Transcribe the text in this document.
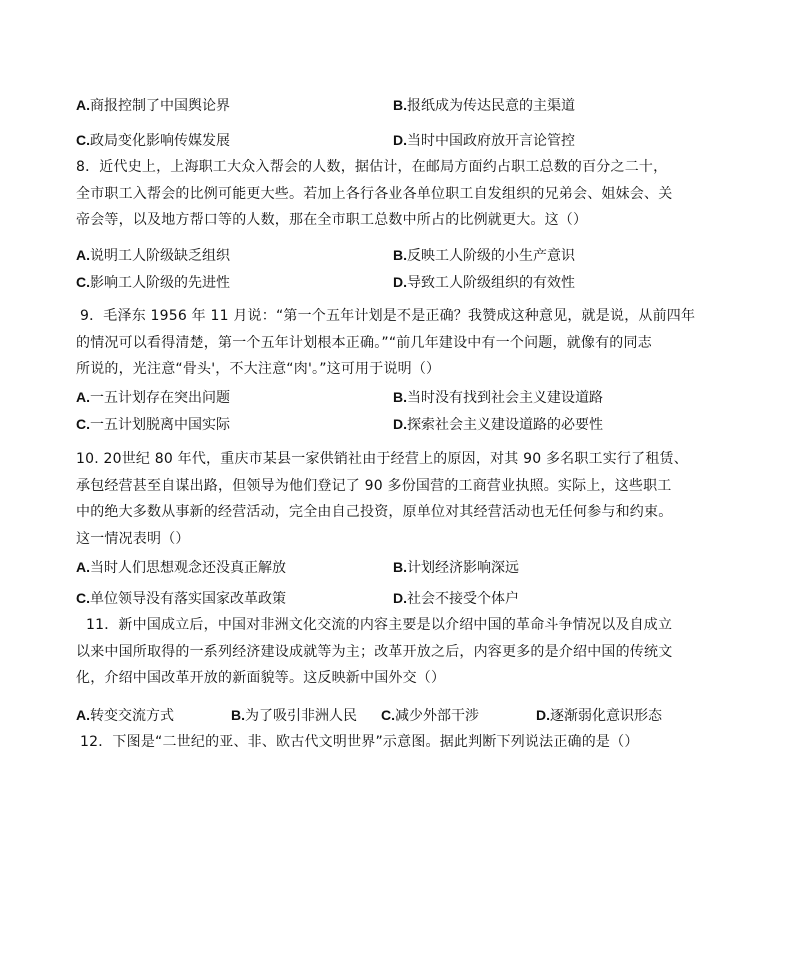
A.商报控制了中国舆论界	B.报纸成为传达民意的主渠道
C.政局变化影响传媒发展	D.当时中国政府放开言论管控
8．近代史上，上海职工大众入帮会的人数，据估计，在邮局方面约占职工总数的百分之二十，
全市职工入帮会的比例可能更大些。若加上各行各业各单位职工自发组织的兄弟会、姐妹会、关
帝会等，以及地方帮口等的人数，那在全市职工总数中所占的比例就更大。这（）
A.说明工人阶级缺乏组织	B.反映工人阶级的小生产意识
C.影响工人阶级的先进性	D.导致工人阶级组织的有效性
9．毛泽东 1956 年 11 月说：“第一个五年计划是不是正确？我赞成这种意见，就是说，从前四年
的情况可以看得清楚，第一个五年计划根本正确。”“前几年建设中有一个问题，就像有的同志
所说的，光注意“骨头'，不大注意“肉'。”这可用于说明（）
A.一五计划存在突出问题	B.当时没有找到社会主义建设道路
C.一五计划脱离中国实际	D.探索社会主义建设道路的必要性
10. 20世纪 80 年代，重庆市某县一家供销社由于经营上的原因，对其 90 多名职工实行了租赁、
承包经营甚至自谋出路，但领导为他们登记了 90 多份国营的工商营业执照。实际上，这些职工
中的绝大多数从事新的经营活动，完全由自己投资，原单位对其经营活动也无任何参与和约束。
这一情况表明（）
A.当时人们思想观念还没真正解放	B.计划经济影响深远
C.单位领导没有落实国家改革政策	D.社会不接受个体户
11．新中国成立后，中国对非洲文化交流的内容主要是以介绍中国的革命斗争情况以及自成立
以来中国所取得的一系列经济建设成就等为主；改革开放之后，内容更多的是介绍中国的传统文
化，介绍中国改革开放的新面貌等。这反映新中国外交（）
A.转变交流方式	B.为了吸引非洲人民 C.减少外部干涉	D.逐渐弱化意识形态
12．下图是“二世纪的亚、非、欧古代文明世界”示意图。据此判断下列说法正确的是（）
